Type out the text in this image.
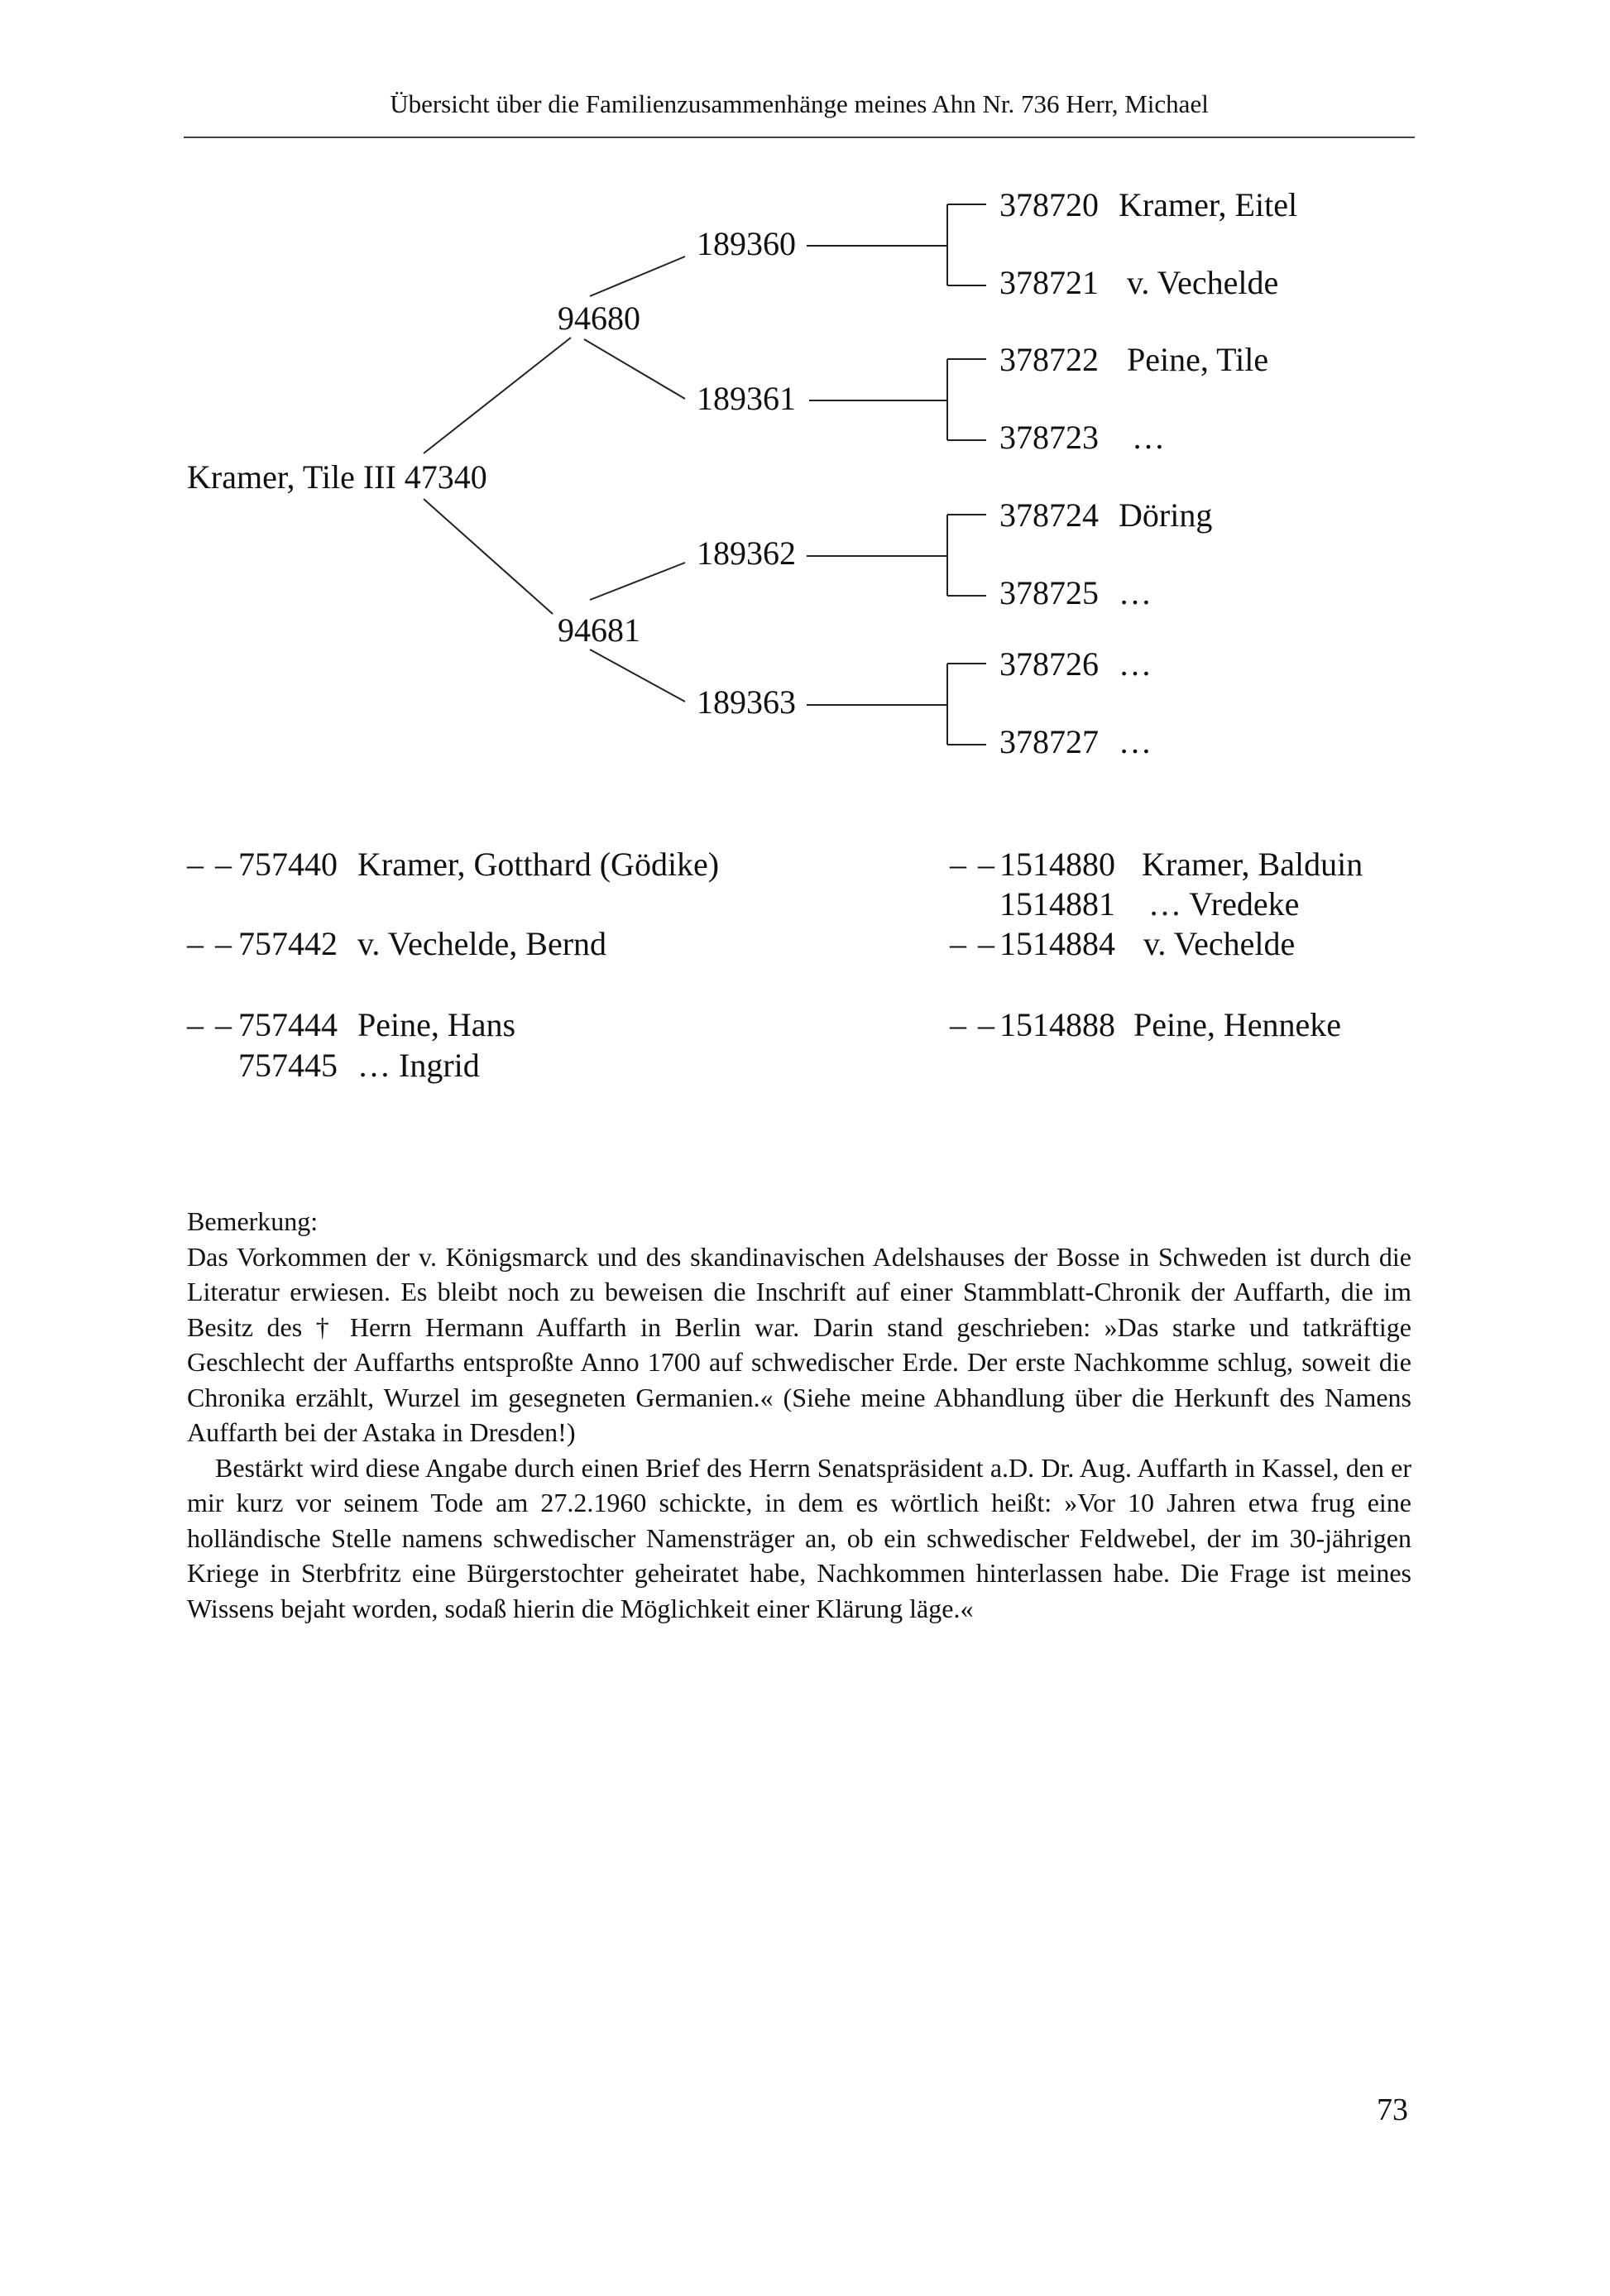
Übersicht über die Familienzusammenhänge meines Ahn Nr. 736 Herr, Michael
Kramer, Tile III 47340
94680
94681
189360
189361
189362
189363
378720 Kramer, Eitel
378721 v. Vechelde
378722 Peine, Tile
378723 …
378724 Döring
378725 …
378726 …
378727 …
– – 757440 Kramer, Gotthard (Gödike)
– – 757442 v. Vechelde, Bernd
– – 757444 Peine, Hans
757445 … Ingrid
– – 1514880 Kramer, Balduin
1514881 … Vredeke
– – 1514884 v. Vechelde
– – 1514888 Peine, Henneke

Bemerkung:

Das Vorkommen der v. Königsmarck und des skandinavischen Adelshauses der Bosse in Schweden ist durch die Literatur erwiesen. Es bleibt noch zu beweisen die Inschrift auf einer Stammblatt-Chronik der Auffarth, die im Besitz des † Herrn Hermann Auffarth in Berlin war. Darin stand geschrieben: »Das starke und tatkräftige Geschlecht der Auffarths entsproßte Anno 1700 auf schwedischer Erde. Der erste Nachkomme schlug, soweit die Chronika erzählt, Wurzel im gesegneten Germanien.« (Siehe meine Abhandlung über die Herkunft des Namens Auffarth bei der Astaka in Dresden!)

Bestärkt wird diese Angabe durch einen Brief des Herrn Senatspräsident a.D. Dr. Aug. Auffarth in Kassel, den er mir kurz vor seinem Tode am 27.2.1960 schickte, in dem es wörtlich heißt: »Vor 10 Jahren etwa frug eine holländische Stelle namens schwedischer Namensträger an, ob ein schwedischer Feldwebel, der im 30-jährigen Kriege in Sterbfritz eine Bürgerstochter geheiratet habe, Nachkommen hinterlassen habe. Die Frage ist meines Wissens bejaht worden, sodaß hierin die Möglichkeit einer Klärung läge.«

73
